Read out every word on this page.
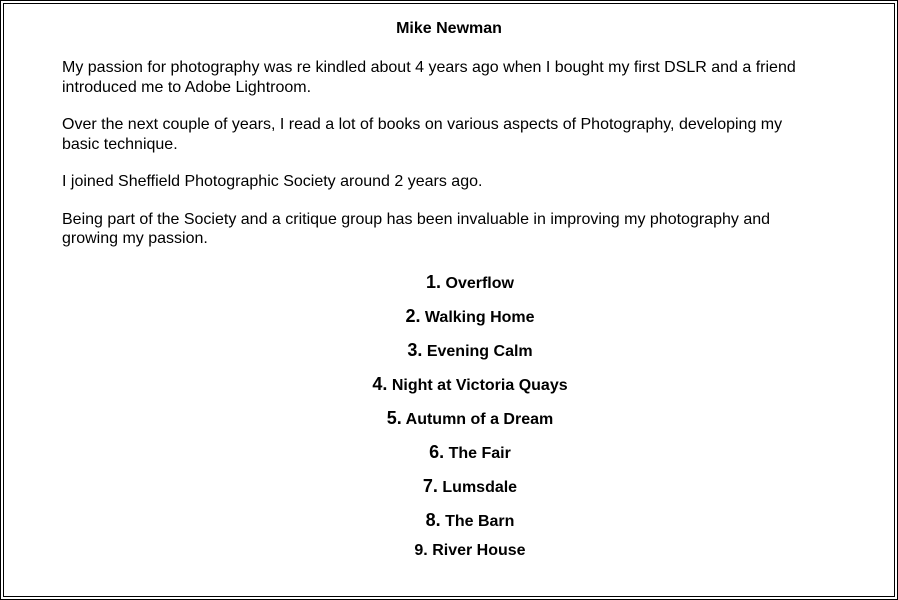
Mike Newman

My passion for photography was re kindled about 4 years ago when I bought my first DSLR and a friend introduced me to Adobe Lightroom.

Over the next couple of years, I read a lot of books on various aspects of Photography, developing my basic technique.

I joined Sheffield Photographic Society around 2 years ago.

Being part of the Society and a critique group has been invaluable in improving my photography and growing my passion.

1. Overflow
2. Walking Home
3. Evening Calm
4. Night at Victoria Quays
5. Autumn of a Dream
6. The Fair
7. Lumsdale
8. The Barn
9. River House
